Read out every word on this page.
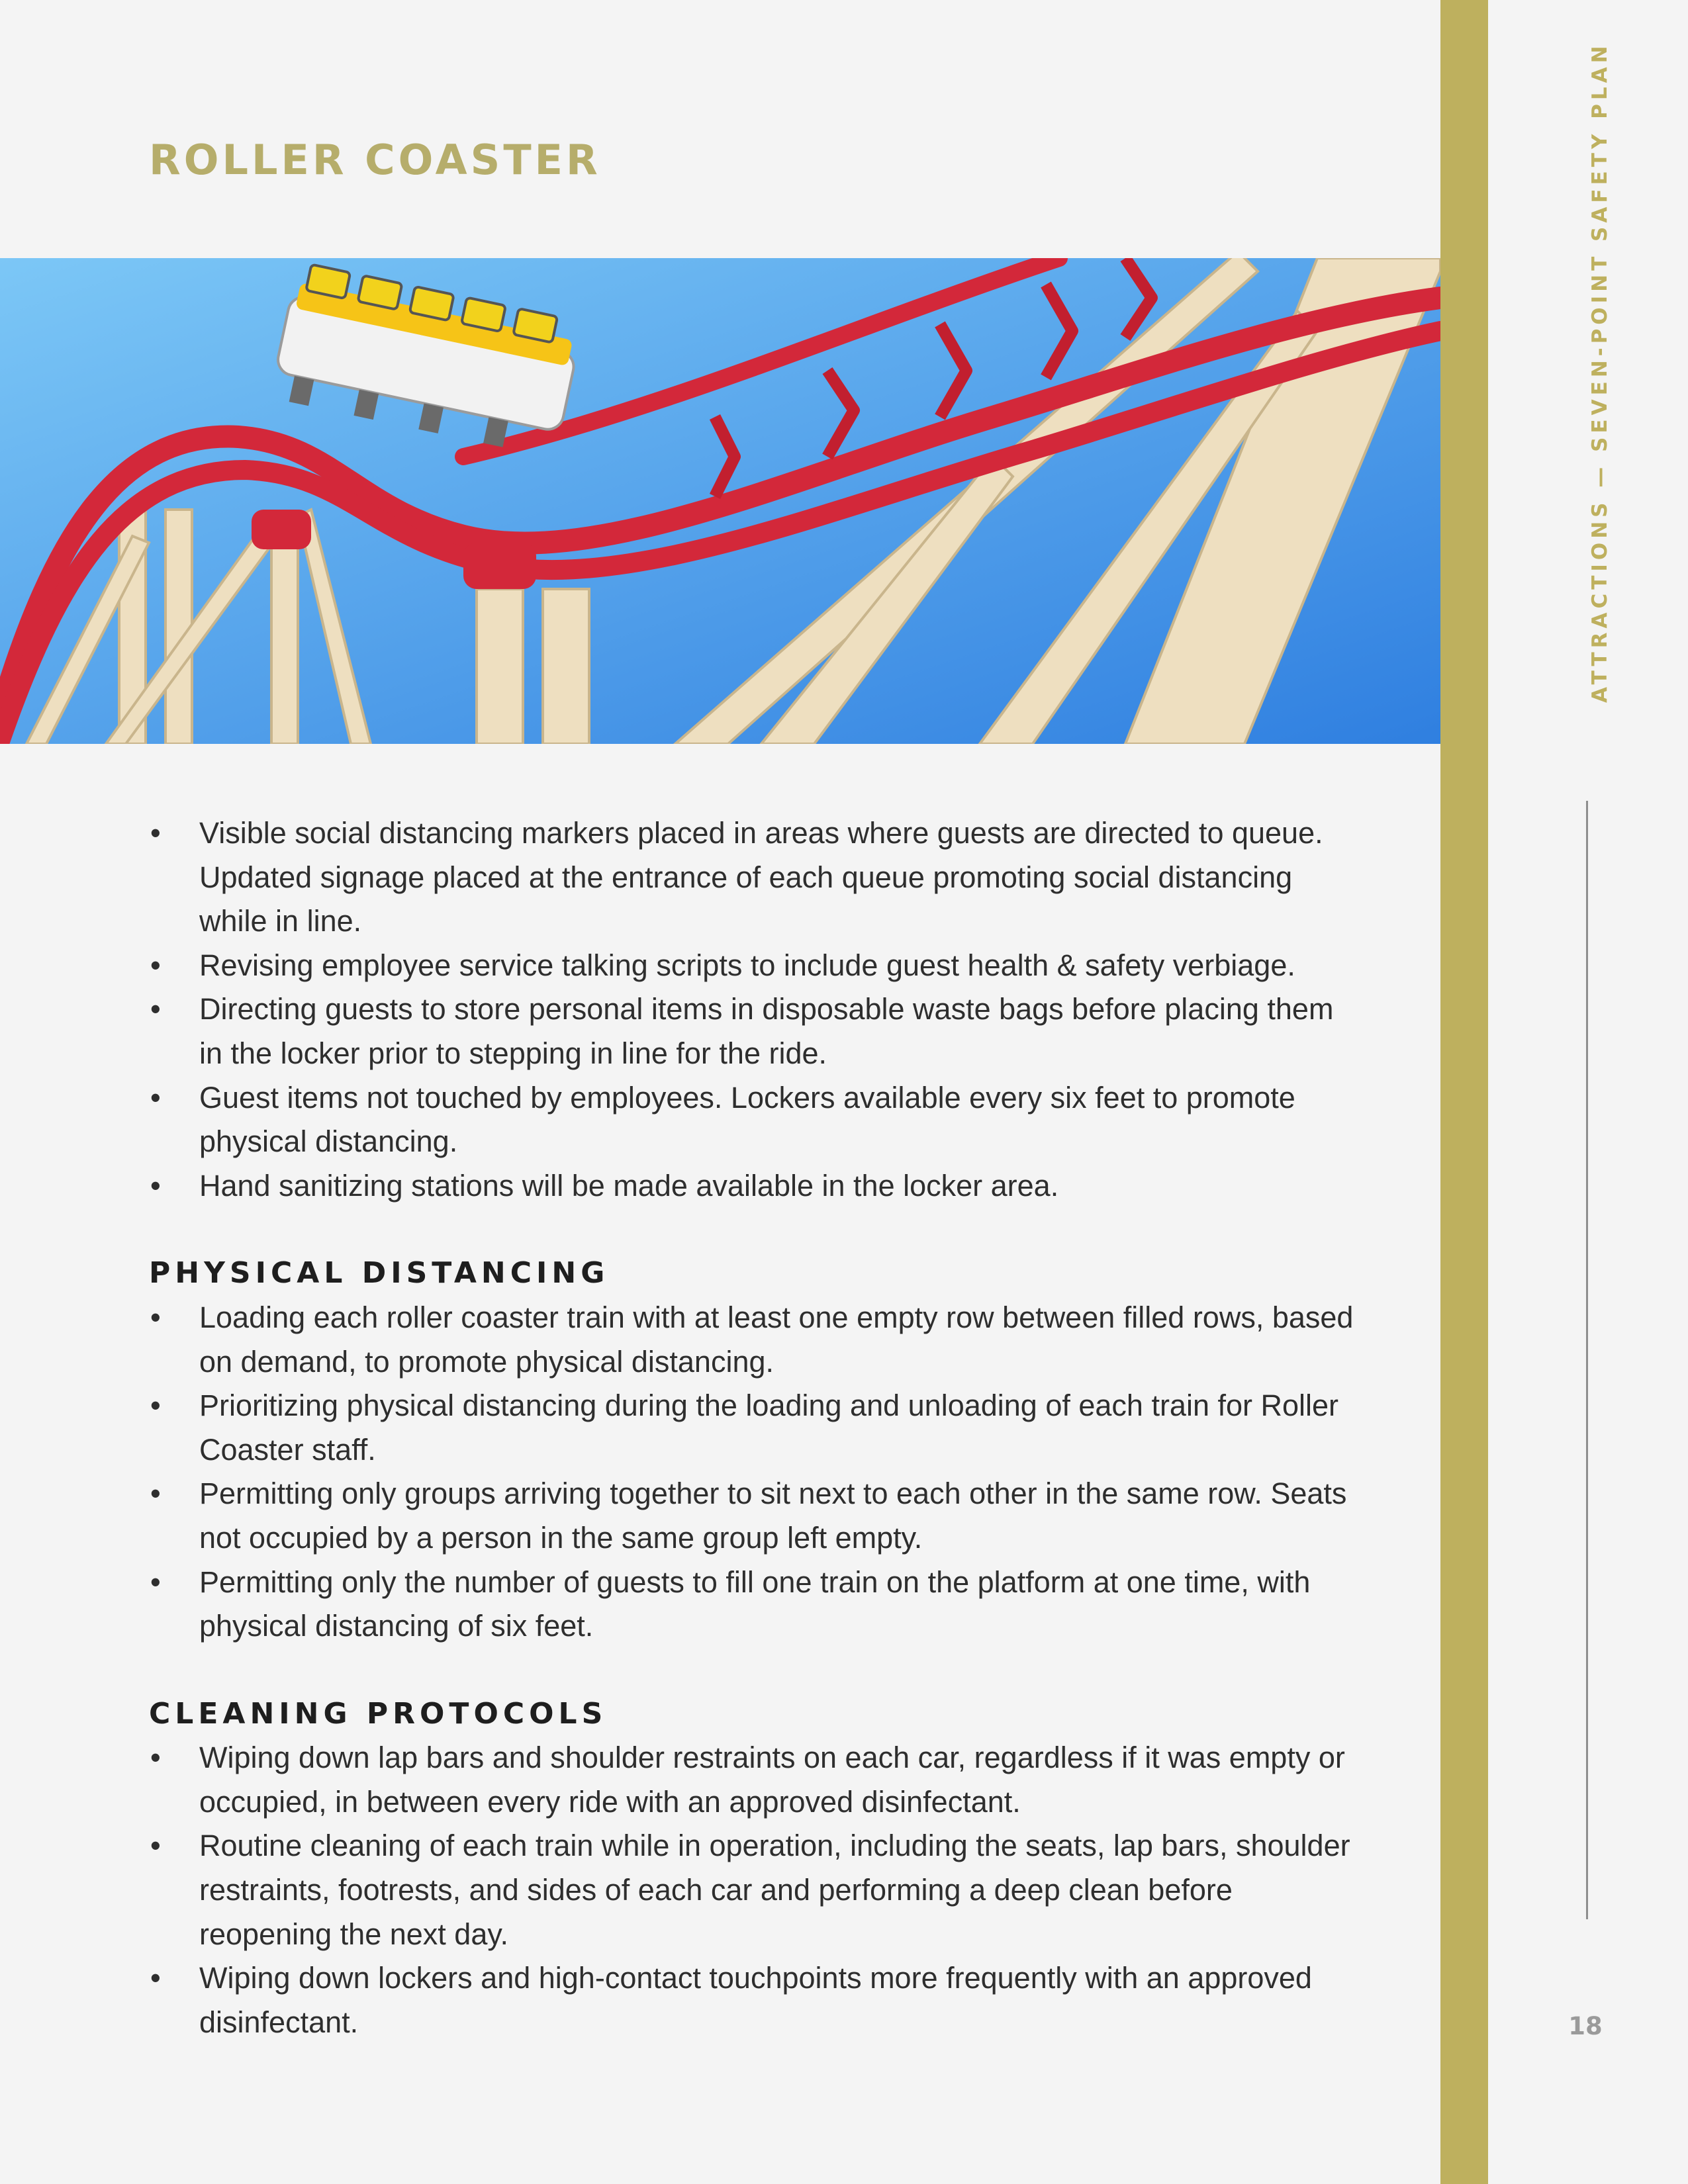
ROLLER COASTER	ATTRACTIONS — SEVEN-POINT SAFETY PLAN
18
• Visible social distancing markers placed in areas where guests are directed to queue. Updated signage placed at the entrance of each queue promoting social distancing while in line.
• Revising employee service talking scripts to include guest health & safety verbiage.
• Directing guests to store personal items in disposable waste bags before placing them in the locker prior to stepping in line for the ride.
• Guest items not touched by employees. Lockers available every six feet to promote physical distancing.
• Hand sanitizing stations will be made available in the locker area.
PHYSICAL DISTANCING
• Loading each roller coaster train with at least one empty row between filled rows, based on demand, to promote physical distancing.
• Prioritizing physical distancing during the loading and unloading of each train for Roller Coaster staff.
• Permitting only groups arriving together to sit next to each other in the same row. Seats not occupied by a person in the same group left empty.
• Permitting only the number of guests to fill one train on the platform at one time, with physical distancing of six feet.
CLEANING PROTOCOLS
• Wiping down lap bars and shoulder restraints on each car, regardless if it was empty or occupied, in between every ride with an approved disinfectant.
• Routine cleaning of each train while in operation, including the seats, lap bars, shoulder restraints, footrests, and sides of each car and performing a deep clean before reopening the next day.
• Wiping down lockers and high-contact touchpoints more frequently with an approved disinfectant.
